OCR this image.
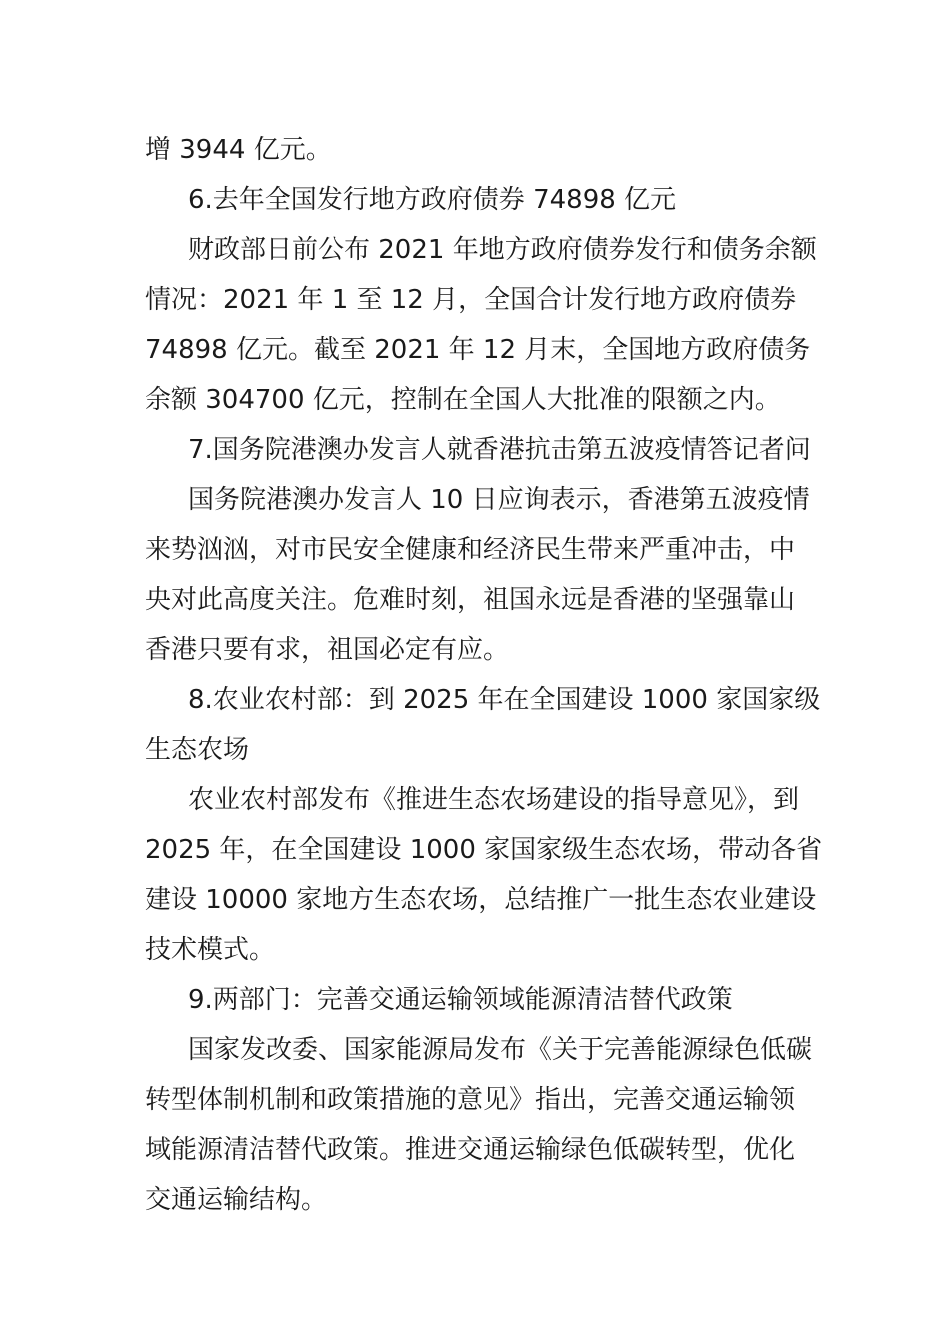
增 3944 亿元。
6.去年全国发行地方政府债券 74898 亿元
财政部日前公布 2021 年地方政府债券发行和债务余额
情况：2021 年 1 至 12 月，全国合计发行地方政府债券
74898 亿元。截至 2021 年 12 月末，全国地方政府债务
余额 304700 亿元，控制在全国人大批准的限额之内。
7.国务院港澳办发言人就香港抗击第五波疫情答记者问
国务院港澳办发言人 10 日应询表示，香港第五波疫情
来势汹汹，对市民安全健康和经济民生带来严重冲击，中
央对此高度关注。危难时刻，祖国永远是香港的坚强靠山
香港只要有求，祖国必定有应。
8.农业农村部：到 2025 年在全国建设 1000 家国家级
生态农场
农业农村部发布《推进生态农场建设的指导意见》，到
2025 年，在全国建设 1000 家国家级生态农场，带动各省
建设 10000 家地方生态农场，总结推广一批生态农业建设
技术模式。
9.两部门：完善交通运输领域能源清洁替代政策
国家发改委、国家能源局发布《关于完善能源绿色低碳
转型体制机制和政策措施的意见》指出，完善交通运输领
域能源清洁替代政策。推进交通运输绿色低碳转型，优化
交通运输结构。
